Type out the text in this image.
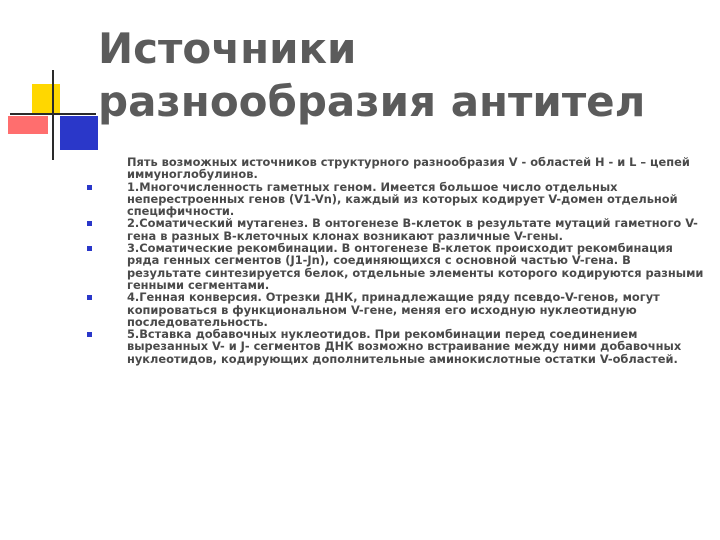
Источники разнообразия антител

Пять возможных источников структурного разнообразия V - областей H - и L – цепей иммуноглобулинов.

1.Многочисленность гаметных геном. Имеется большое число отдельных неперестроенных генов (V1-Vn), каждый из которых кодирует V-домен отдельной специфичности.
2.Соматический мутагенез. В онтогенезе В-клеток в результате мутаций гаметного V-гена в разных В-клеточных клонах возникают различные V-гены.
3.Соматические рекомбинации. В онтогенезе В-клеток происходит рекомбинация ряда генных сегментов (J1-Jn), соединяющихся с основной частью V-гена. В результате синтезируется белок, отдельные элементы которого кодируются разными генными сегментами.
4.Генная конверсия. Отрезки ДНК, принадлежащие ряду псевдо-V-генов, могут копироваться в функциональном V-гене, меняя его исходную нуклеотидную последовательность.
5.Вставка добавочных нуклеотидов. При рекомбинации перед соединением вырезанных V- и J- сегментов ДНК возможно встраивание между ними добавочных нуклеотидов, кодирующих дополнительные аминокислотные остатки V-областей.
